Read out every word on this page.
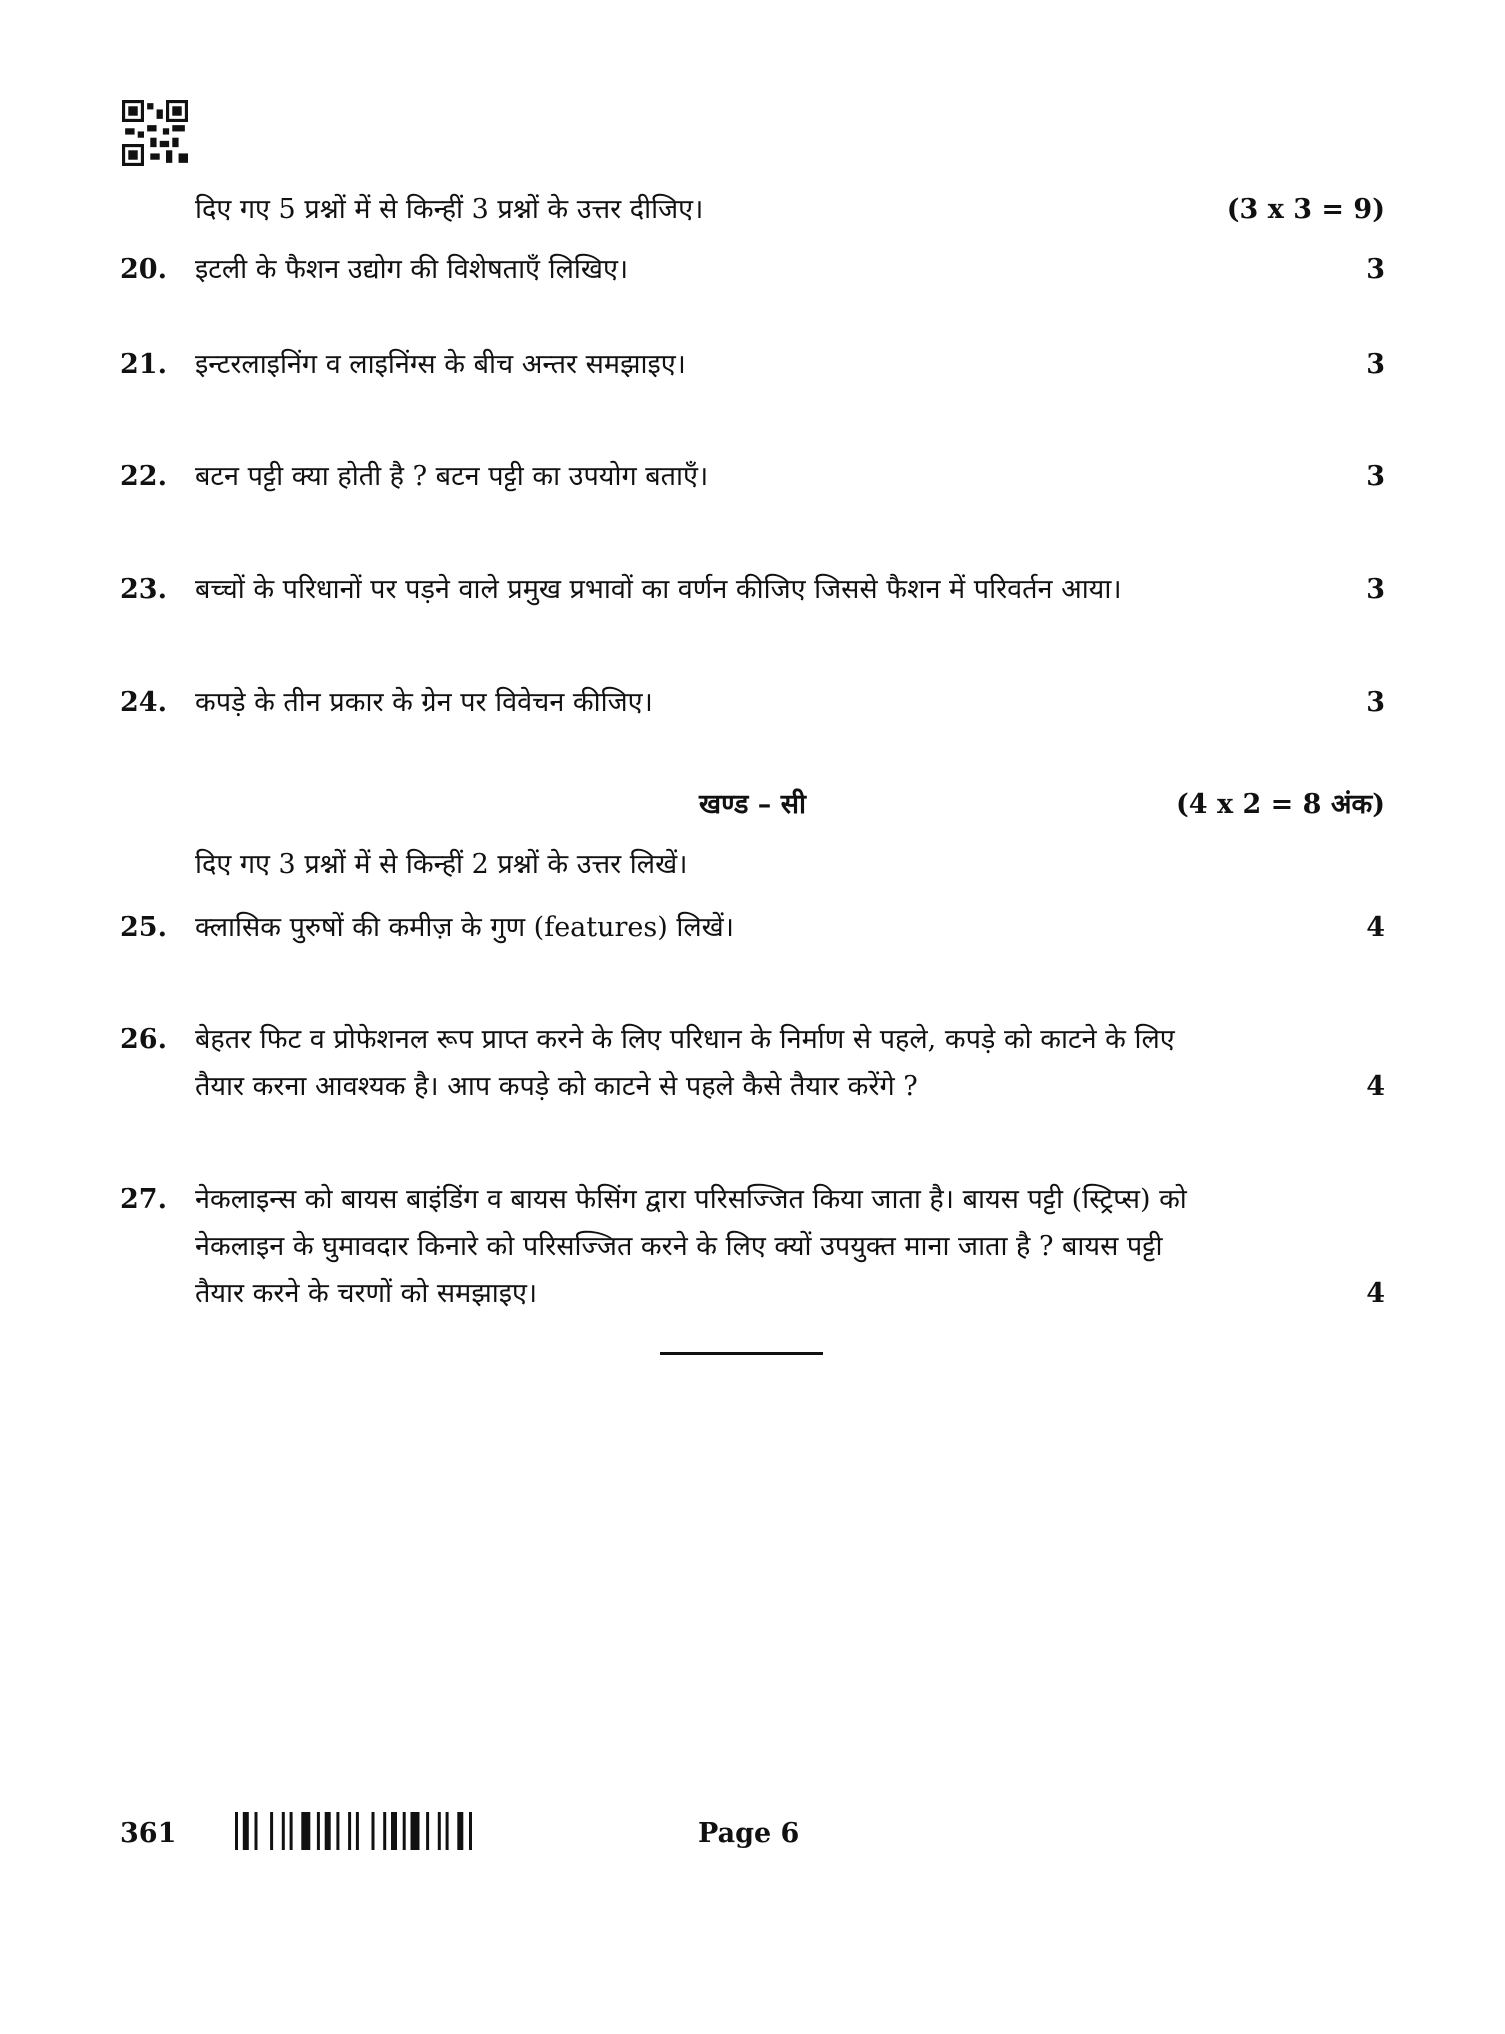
दिए गए 5 प्रश्नों में से किन्हीं 3 प्रश्नों के उत्तर दीजिए।	(3 x 3 = 9)
20. इटली के फैशन उद्योग की विशेषताएँ लिखिए।	3
21. इन्टरलाइनिंग व लाइनिंग्स के बीच अन्तर समझाइए।	3
22. बटन पट्टी क्या होती है ? बटन पट्टी का उपयोग बताएँ।	3
23. बच्चों के परिधानों पर पड़ने वाले प्रमुख प्रभावों का वर्णन कीजिए जिससे फैशन में परिवर्तन आया।	3
24. कपड़े के तीन प्रकार के ग्रेन पर विवेचन कीजिए।	3
खण्ड – सी	(4 x 2 = 8 अंक)
दिए गए 3 प्रश्नों में से किन्हीं 2 प्रश्नों के उत्तर लिखें।
25. क्लासिक पुरुषों की कमीज़ के गुण (features) लिखें।	4
26. बेहतर फिट व प्रोफेशनल रूप प्राप्त करने के लिए परिधान के निर्माण से पहले, कपड़े को काटने के लिए
तैयार करना आवश्यक है। आप कपड़े को काटने से पहले कैसे तैयार करेंगे ?	4
27. नेकलाइन्स को बायस बाइंडिंग व बायस फेसिंग द्वारा परिसज्जित किया जाता है। बायस पट्टी (स्ट्रिप्स) को
नेकलाइन के घुमावदार किनारे को परिसज्जित करने के लिए क्यों उपयुक्त माना जाता है ? बायस पट्टी
तैयार करने के चरणों को समझाइए।	4
361	Page 6
